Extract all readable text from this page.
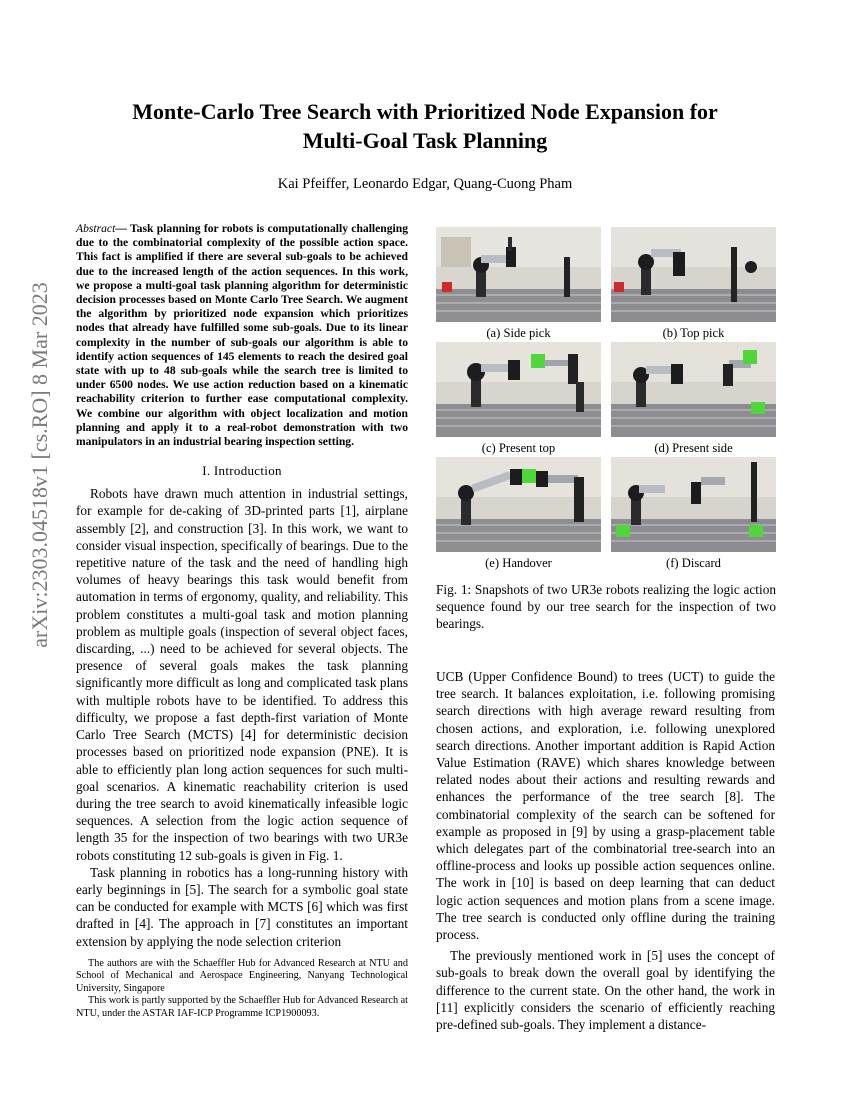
arXiv:2303.04518v1 [cs.RO] 8 Mar 2023
Monte-Carlo Tree Search with Prioritized Node Expansion for
Multi-Goal Task Planning
Kai Pfeiffer, Leonardo Edgar, Quang-Cuong Pham

Abstract— Task planning for robots is computationally challenging due to the combinatorial complexity of the possible action space. This fact is amplified if there are several sub-goals to be achieved due to the increased length of the action sequences. In this work, we propose a multi-goal task planning algorithm for deterministic decision processes based on Monte Carlo Tree Search. We augment the algorithm by prioritized node expansion which prioritizes nodes that already have fulfilled some sub-goals. Due to its linear complexity in the number of sub-goals our algorithm is able to identify action sequences of 145 elements to reach the desired goal state with up to 48 sub-goals while the search tree is limited to under 6500 nodes. We use action reduction based on a kinematic reachability criterion to further ease computational complexity. We combine our algorithm with object localization and motion planning and apply it to a real-robot demonstration with two manipulators in an industrial bearing inspection setting.

I. Introduction

Robots have drawn much attention in industrial settings, for example for de-caking of 3D-printed parts [1], airplane assembly [2], and construction [3]. In this work, we want to consider visual inspection, specifically of bearings. Due to the repetitive nature of the task and the need of handling high volumes of heavy bearings this task would benefit from automation in terms of ergonomy, quality, and reliability. This problem constitutes a multi-goal task and motion planning problem as multiple goals (inspection of several object faces, discarding, ...) need to be achieved for several objects. The presence of several goals makes the task planning significantly more difficult as long and complicated task plans with multiple robots have to be identified. To address this difficulty, we propose a fast depth-first variation of Monte Carlo Tree Search (MCTS) [4] for deterministic decision processes based on prioritized node expansion (PNE). It is able to efficiently plan long action sequences for such multi-goal scenarios. A kinematic reachability criterion is used during the tree search to avoid kinematically infeasible logic sequences. A selection from the logic action sequence of length 35 for the inspection of two bearings with two UR3e robots constituting 12 sub-goals is given in Fig. 1.

Task planning in robotics has a long-running history with early beginnings in [5]. The search for a symbolic goal state can be conducted for example with MCTS [6] which was first drafted in [4]. The approach in [7] constitutes an important extension by applying the node selection criterion

The authors are with the Schaeffler Hub for Advanced Research at NTU and School of Mechanical and Aerospace Engineering, Nanyang Technological University, Singapore

This work is partly supported by the Schaeffler Hub for Advanced Research at NTU, under the ASTAR IAF-ICP Programme ICP1900093.

(a) Side pick	(b) Top pick
(c) Present top	(d) Present side
(e) Handover	(f) Discard
Fig. 1: Snapshots of two UR3e robots realizing the logic action sequence found by our tree search for the inspection of two bearings.

UCB (Upper Confidence Bound) to trees (UCT) to guide the tree search. It balances exploitation, i.e. following promising search directions with high average reward resulting from chosen actions, and exploration, i.e. following unexplored search directions. Another important addition is Rapid Action Value Estimation (RAVE) which shares knowledge between related nodes about their actions and resulting rewards and enhances the performance of the tree search [8]. The combinatorial complexity of the search can be softened for example as proposed in [9] by using a grasp-placement table which delegates part of the combinatorial tree-search into an offline-process and looks up possible action sequences online. The work in [10] is based on deep learning that can deduct logic action sequences and motion plans from a scene image. The tree search is conducted only offline during the training process.

The previously mentioned work in [5] uses the concept of sub-goals to break down the overall goal by identifying the difference to the current state. On the other hand, the work in [11] explicitly considers the scenario of efficiently reaching pre-defined sub-goals. They implement a distance-
